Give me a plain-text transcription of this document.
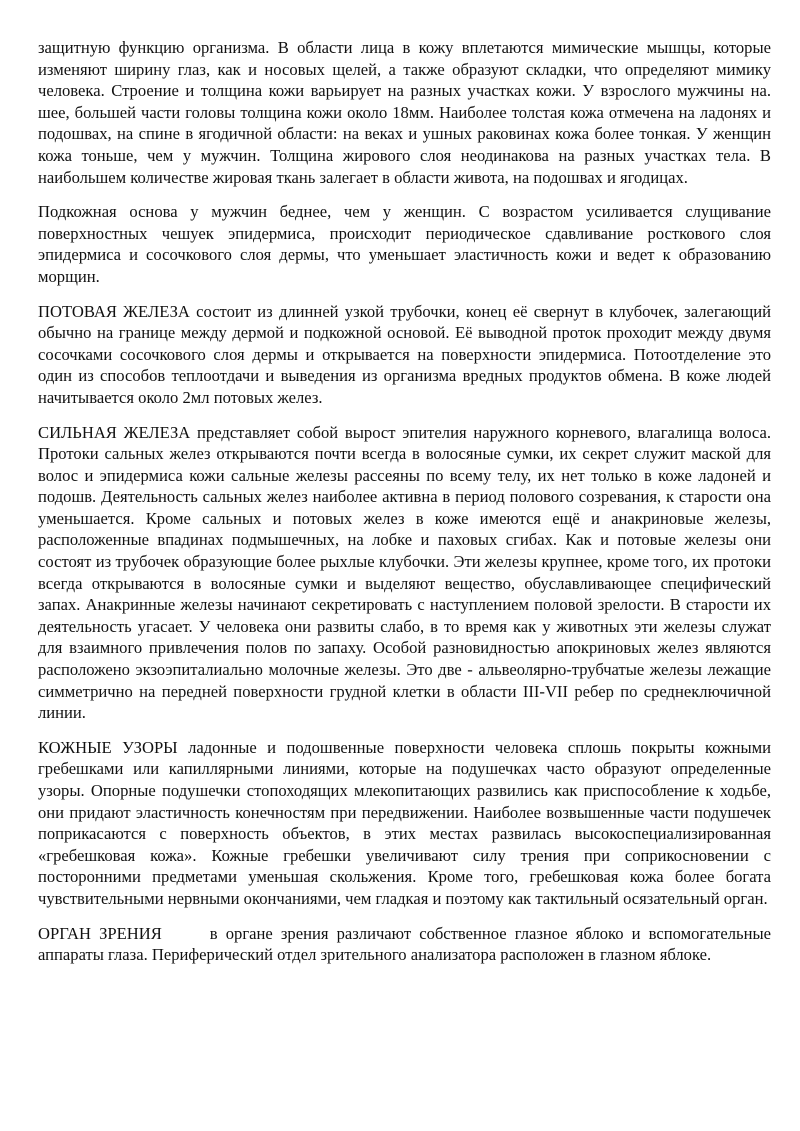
защитную функцию организма. В области лица в кожу вплетаются мимические мышцы, которые изменяют ширину глаз, как и носовых щелей, а также образуют складки, что определяют мимику человека. Строение и толщина кожи варьирует на разных участках кожи. У взрослого мужчины на. шее, большей части головы толщина кожи около 18мм. Наиболее толстая кожа отмечена на ладонях и подошвах, на спине в ягодичной области: на веках и ушных раковинах кожа более тонкая. У женщин кожа тоньше, чем у мужчин. Толщина жирового слоя неодинакова на разных участках тела. В наибольшем количестве жировая ткань залегает в области живота, на подошвах и ягодицах.

Подкожная основа у мужчин беднее, чем у женщин. С возрастом усиливается слущивание поверхностных чешуек эпидермиса, происходит периодическое сдавливание росткового слоя эпидермиса и сосочкового слоя дермы, что уменьшает эластичность кожи и ведет к образованию морщин.

ПОТОВАЯ ЖЕЛЕЗА состоит из длинней узкой трубочки, конец её свернут в клубочек, залегающий обычно на границе между дермой и подкожной основой. Её выводной проток проходит между двумя сосочками сосочкового слоя дермы и открывается на поверхности эпидермиса. Потоотделение это один из способов теплоотдачи и выведения из организма вредных продуктов обмена. В коже людей начитывается около 2мл потовых желез.

СИЛЬНАЯ ЖЕЛЕЗА представляет собой вырост эпителия наружного корневого, влагалища волоса. Протоки сальных желез открываются почти всегда в волосяные сумки, их секрет служит маской для волос и эпидермиса кожи сальные железы рассеяны по всему телу, их нет только в коже ладоней и подошв. Деятельность сальных желез наиболее активна в период полового созревания, к старости она уменьшается. Кроме сальных и потовых желез в коже имеются ещё и анакриновые железы, расположенные впадинах подмышечных, на лобке и паховых сгибах. Как и потовые железы они состоят из трубочек образующие более рыхлые клубочки. Эти железы крупнее, кроме того, их протоки всегда открываются в волосяные сумки и выделяют вещество, обуславливающее специфический запах. Анакринные железы начинают секретировать с наступлением половой зрелости. В старости их деятельность угасает. У человека они развиты слабо, в то время как у животных эти железы служат для взаимного привлечения полов по запаху. Особой разновидностью апокриновых желез являются расположено экзоэпиталиально молочные железы. Это две - альвеолярно-трубчатые железы лежащие симметрично на передней поверхности грудной клетки в области III-VII ребер по среднеключичной линии.

КОЖНЫЕ УЗОРЫ ладонные и подошвенные поверхности человека сплошь покрыты кожными гребешками или капиллярными линиями, которые на подушечках часто образуют определенные узоры. Опорные подушечки стопоходящих млекопитающих развились как приспособление к ходьбе, они придают эластичность конечностям при передвижении. Наиболее возвышенные части подушечек поприкасаются с поверхность объектов, в этих местах развилась высокоспециализированная «гребешковая кожа». Кожные гребешки увеличивают силу трения при соприкосновении с посторонними предметами уменьшая скольжения. Кроме того, гребешковая кожа более богата чувствительными нервными окончаниями, чем гладкая и поэтому как тактильный осязательный орган.

ОРГАН ЗРЕНИЯ	в органе зрения различают собственное глазное яблоко и вспомогательные аппараты глаза. Периферический отдел зрительного анализатора расположен в глазном яблоке.
